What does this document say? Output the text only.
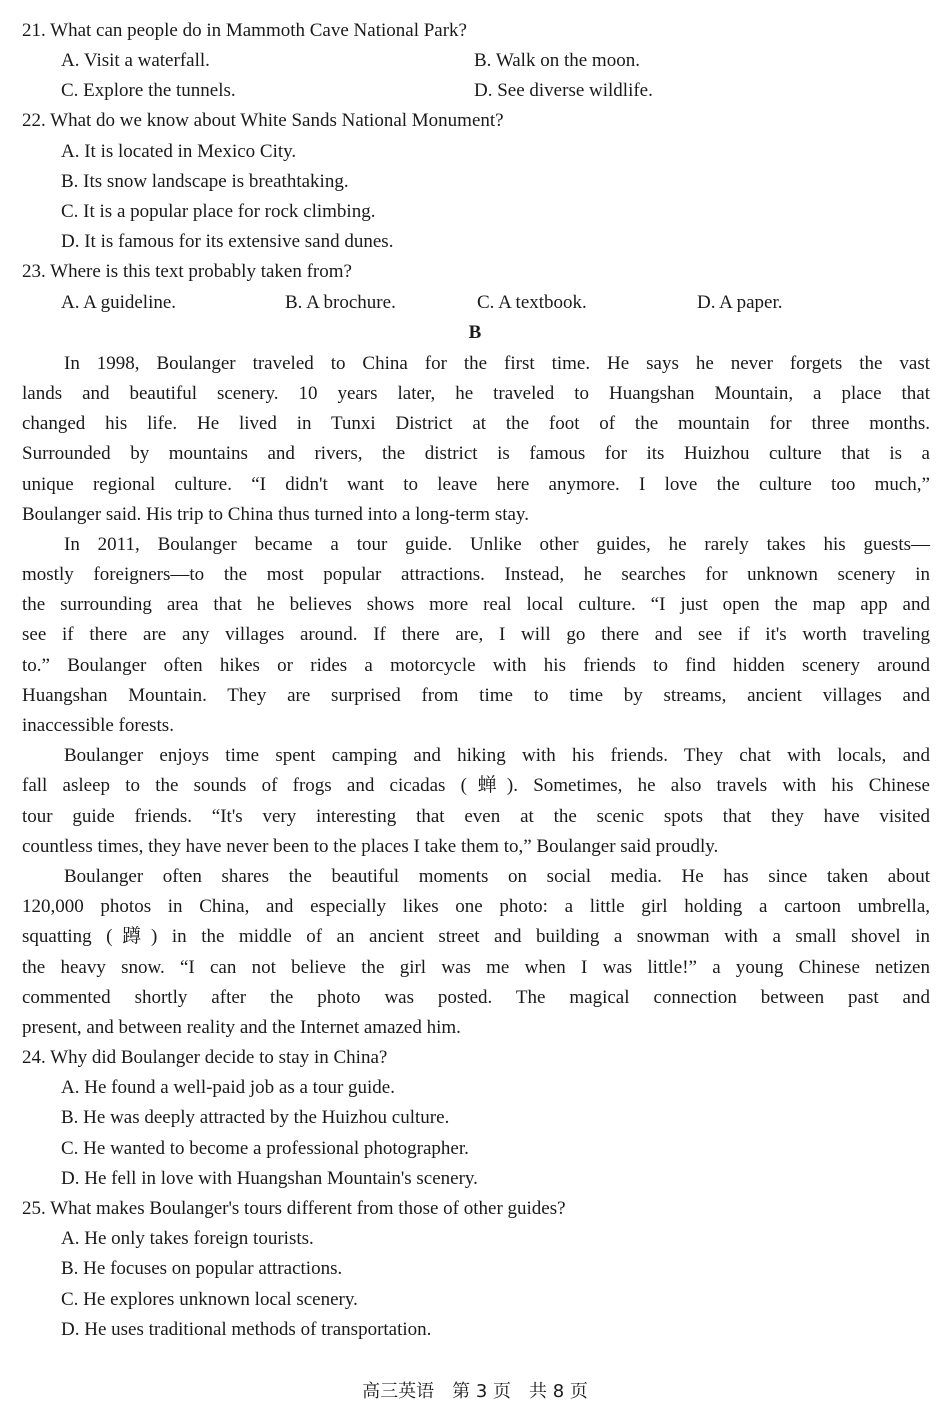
21. What can people do in Mammoth Cave National Park?
A. Visit a waterfall.	B. Walk on the moon.
C. Explore the tunnels.	D. See diverse wildlife.
22. What do we know about White Sands National Monument?
A. It is located in Mexico City.
B. Its snow landscape is breathtaking.
C. It is a popular place for rock climbing.
D. It is famous for its extensive sand dunes.
23. Where is this text probably taken from?
A. A guideline.	B. A brochure.	C. A textbook.	D. A paper.
B
In 1998, Boulanger traveled to China for the first time. He says he never forgets the vast
lands and beautiful scenery. 10 years later, he traveled to Huangshan Mountain, a place that
changed his life. He lived in Tunxi District at the foot of the mountain for three months.
Surrounded by mountains and rivers, the district is famous for its Huizhou culture that is a
unique regional culture. “I didn't want to leave here anymore. I love the culture too much,”
Boulanger said. His trip to China thus turned into a long-term stay.
In 2011, Boulanger became a tour guide. Unlike other guides, he rarely takes his guests—
mostly foreigners—to the most popular attractions. Instead, he searches for unknown scenery in
the surrounding area that he believes shows more real local culture. “I just open the map app and
see if there are any villages around. If there are, I will go there and see if it's worth traveling
to.” Boulanger often hikes or rides a motorcycle with his friends to find hidden scenery around
Huangshan Mountain. They are surprised from time to time by streams, ancient villages and
inaccessible forests.
Boulanger enjoys time spent camping and hiking with his friends. They chat with locals, and
fall asleep to the sounds of frogs and cicadas (蝉). Sometimes, he also travels with his Chinese
tour guide friends. “It's very interesting that even at the scenic spots that they have visited
countless times, they have never been to the places I take them to,” Boulanger said proudly.
Boulanger often shares the beautiful moments on social media. He has since taken about
120,000 photos in China, and especially likes one photo: a little girl holding a cartoon umbrella,
squatting (蹲) in the middle of an ancient street and building a snowman with a small shovel in
the heavy snow. “I can not believe the girl was me when I was little!” a young Chinese netizen
commented shortly after the photo was posted. The magical connection between past and
present, and between reality and the Internet amazed him.
24. Why did Boulanger decide to stay in China?
A. He found a well-paid job as a tour guide.
B. He was deeply attracted by the Huizhou culture.
C. He wanted to become a professional photographer.
D. He fell in love with Huangshan Mountain's scenery.
25. What makes Boulanger's tours different from those of other guides?
A. He only takes foreign tourists.
B. He focuses on popular attractions.
C. He explores unknown local scenery.
D. He uses traditional methods of transportation.
高三英语　第 3 页　共 8 页
